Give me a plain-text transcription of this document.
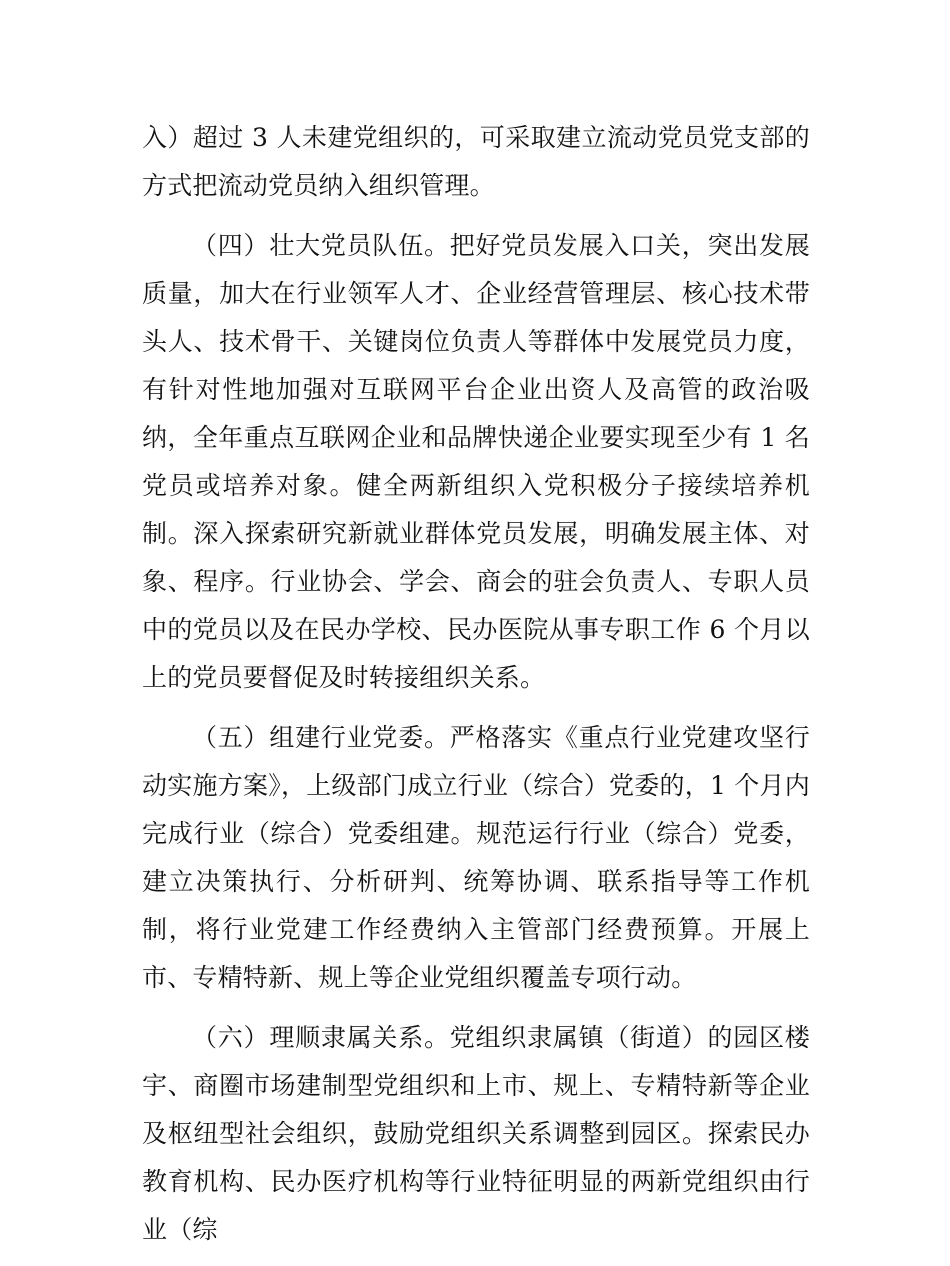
入）超过 3 人未建党组织的，可采取建立流动党员党支部的方式把流动党员纳入组织管理。

（四）壮大党员队伍。把好党员发展入口关，突出发展质量，加大在行业领军人才、企业经营管理层、核心技术带头人、技术骨干、关键岗位负责人等群体中发展党员力度，有针对性地加强对互联网平台企业出资人及高管的政治吸纳，全年重点互联网企业和品牌快递企业要实现至少有 1 名党员或培养对象。健全两新组织入党积极分子接续培养机制。深入探索研究新就业群体党员发展，明确发展主体、对象、程序。行业协会、学会、商会的驻会负责人、专职人员中的党员以及在民办学校、民办医院从事专职工作 6 个月以上的党员要督促及时转接组织关系。

（五）组建行业党委。严格落实《重点行业党建攻坚行动实施方案》，上级部门成立行业（综合）党委的，1 个月内完成行业（综合）党委组建。规范运行行业（综合）党委，建立决策执行、分析研判、统筹协调、联系指导等工作机制，将行业党建工作经费纳入主管部门经费预算。开展上市、专精特新、规上等企业党组织覆盖专项行动。

（六）理顺隶属关系。党组织隶属镇（街道）的园区楼宇、商圈市场建制型党组织和上市、规上、专精特新等企业及枢纽型社会组织，鼓励党组织关系调整到园区。探索民办教育机构、民办医疗机构等行业特征明显的两新党组织由行业（综
